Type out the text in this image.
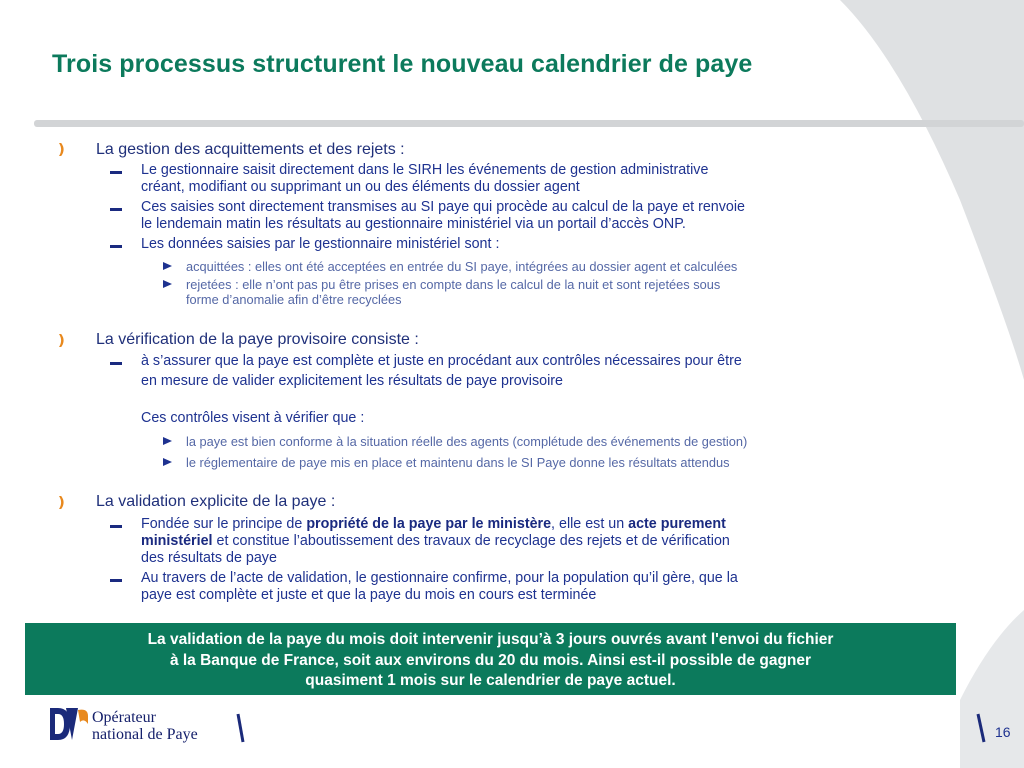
Trois processus structurent le nouveau calendrier de paye

La gestion des acquittements et des rejets :

Le gestionnaire saisit directement dans le SIRH les événements de gestion administrative

créant, modifiant ou supprimant un ou des éléments du dossier agent

Ces saisies sont directement transmises au SI paye qui procède au calcul de la paye et renvoie

le lendemain matin les résultats au gestionnaire ministériel via un portail d’accès ONP.

Les données saisies par le gestionnaire ministériel sont :

acquittées : elles ont été acceptées en entrée du SI paye, intégrées au dossier agent et calculées

rejetées : elle n’ont pas pu être prises en compte dans le calcul de la nuit et sont rejetées sous

forme d’anomalie afin d’être recyclées

La vérification de la paye provisoire consiste :

à s’assurer que la paye est complète et juste en procédant aux contrôles nécessaires pour être

en mesure de valider explicitement les résultats de paye provisoire

Ces contrôles visent à vérifier que :

la paye est bien conforme à la situation réelle des agents (complétude des événements de gestion)

le réglementaire de paye mis en place et maintenu dans le SI Paye donne les résultats attendus

La validation explicite de la paye :

Fondée sur le principe de propriété de la paye par le ministère, elle est un acte purement

ministériel et constitue l’aboutissement des travaux de recyclage des rejets et de vérification

des résultats de paye

Au travers de l’acte de validation, le gestionnaire confirme, pour la population qu’il gère, que la

paye est complète et juste et que la paye du mois en cours est terminée

La validation de la paye du mois doit intervenir jusqu’à 3 jours ouvrés avant l'envoi du fichier
à la Banque de France, soit aux environs du 20 du mois. Ainsi est-il possible de gagner
quasiment 1 mois sur le calendrier de paye actuel.
Opérateur
national de Paye	16
